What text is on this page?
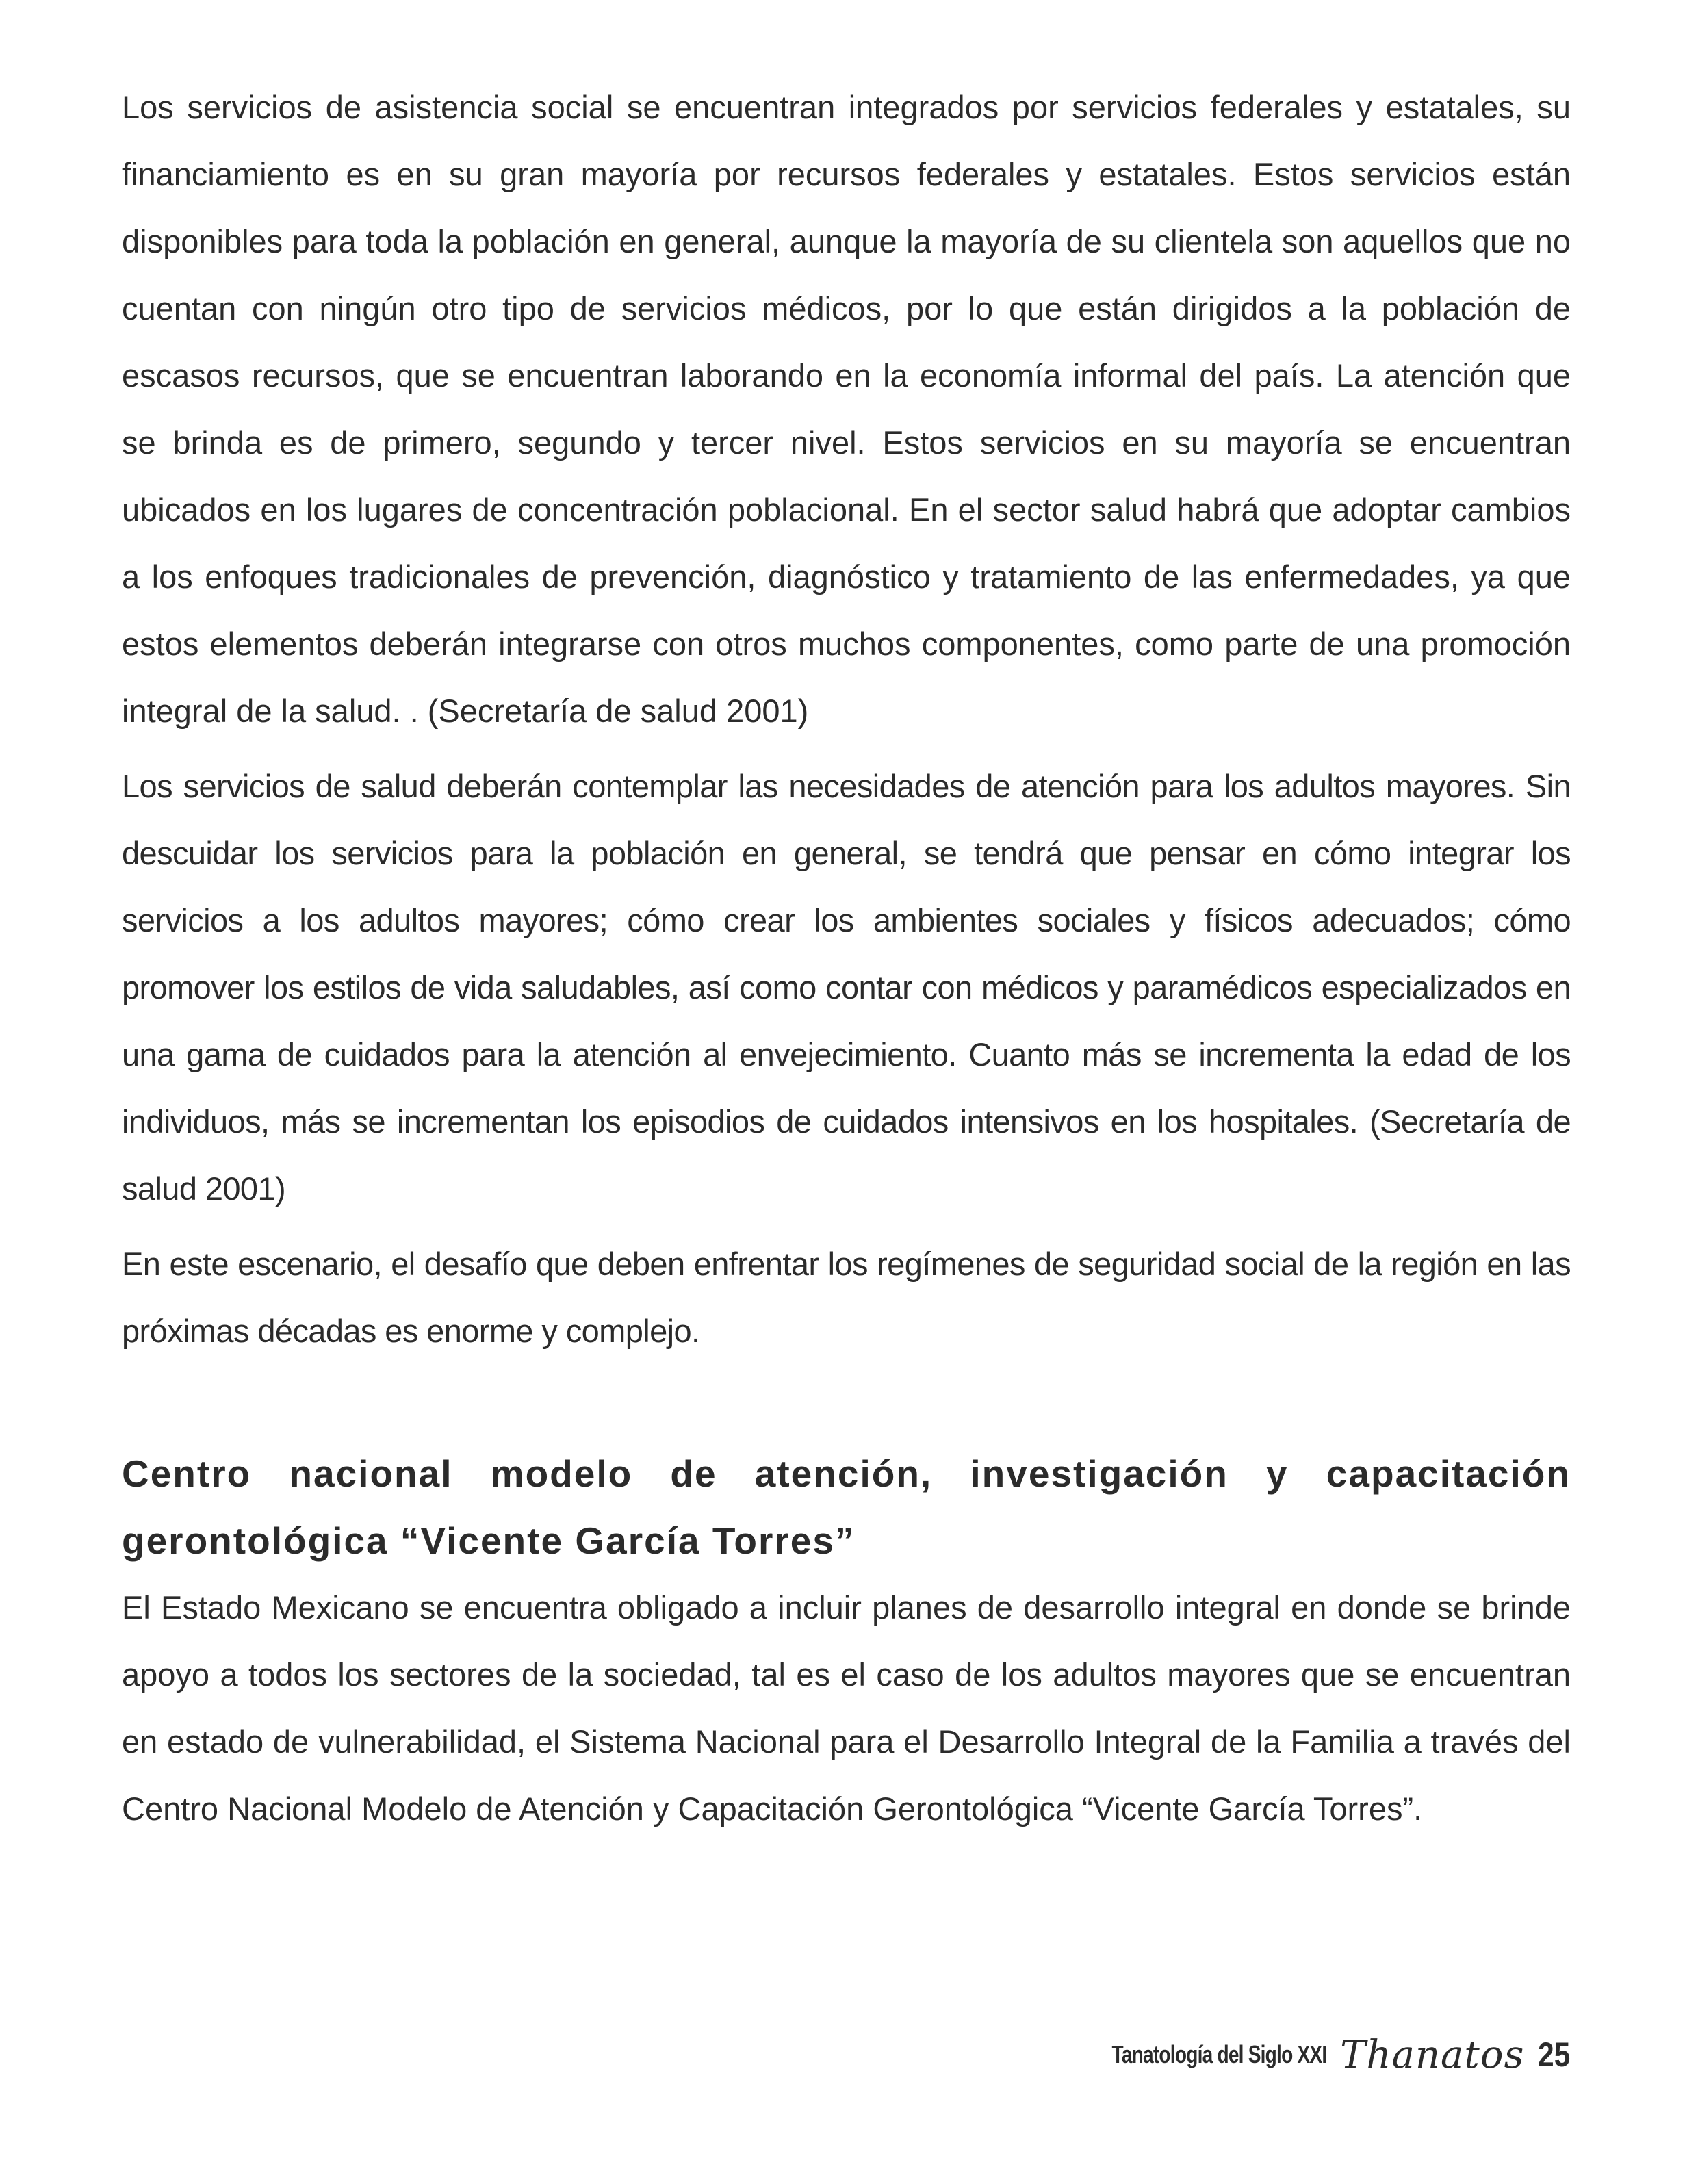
Los servicios de asistencia social se encuentran integrados por servicios federales y estatales, su financiamiento es en su gran mayoría por recursos federales y estatales. Estos servicios están disponibles para toda la población en general, aunque la mayoría de su clientela son aquellos que no cuentan con ningún otro tipo de servicios médicos, por lo que están dirigidos a la población de escasos recursos, que se encuentran laborando en la economía informal del país. La atención que se brinda es de primero, segundo y tercer nivel. Estos servicios en su mayoría se encuentran ubicados en los lugares de concentración poblacional. En el sector salud habrá que adoptar cambios a los enfoques tradicionales de prevención, diagnóstico y tratamiento de las enfermedades, ya que estos elementos deberán integrarse con otros muchos componentes, como parte de una promoción integral de la salud. . (Secretaría de salud 2001)

Los servicios de salud deberán contemplar las necesidades de atención para los adultos mayores. Sin descuidar los servicios para la población en general, se tendrá que pensar en cómo integrar los servicios a los adultos mayores; cómo crear los ambientes sociales y físicos adecuados; cómo promover los estilos de vida saludables, así como contar con médicos y paramédicos especializados en una gama de cuidados para la atención al envejecimiento. Cuanto más se incrementa la edad de los individuos, más se incrementan los episodios de cuidados intensivos en los hospitales. (Secretaría de salud 2001)

En este escenario, el desafío que deben enfrentar los regímenes de seguridad social de la región en las próximas décadas es enorme y complejo.

Centro nacional modelo de atención, investigación y capacitación gerontológica “Vicente García Torres”

El Estado Mexicano se encuentra obligado a incluir planes de desarrollo integral en donde se brinde apoyo a todos los sectores de la sociedad, tal es el caso de los adultos mayores que se encuentran en estado de vulnerabilidad, el Sistema Nacional para el Desarrollo Integral de la Familia a través del Centro Nacional Modelo de Atención y Capacitación Gerontológica “Vicente García Torres”.

Tanatología del Siglo XXI Thanatos 25
